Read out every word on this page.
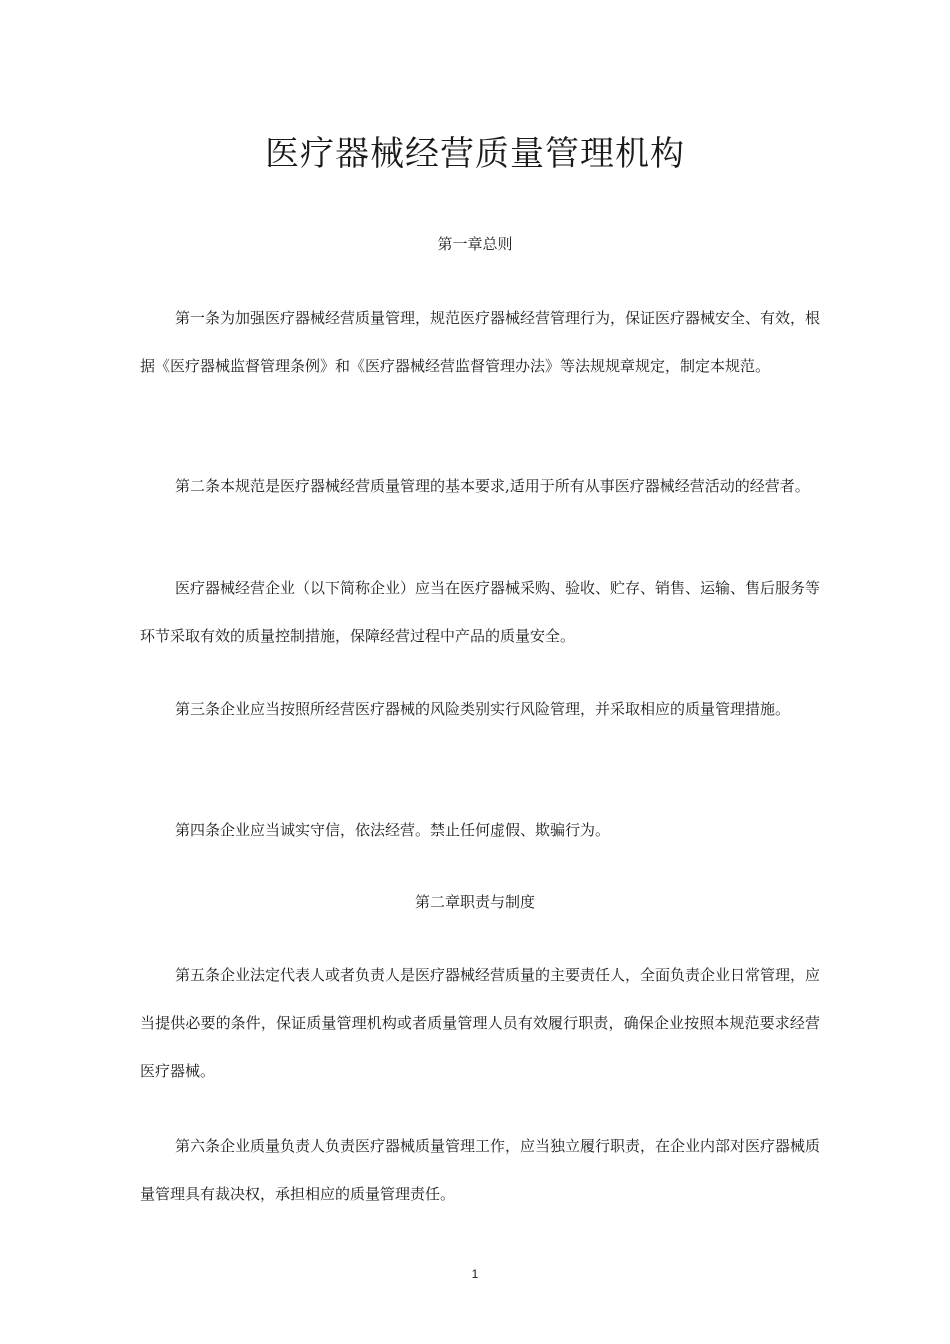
医疗器械经营质量管理机构
第一章总则

第一条为加强医疗器械经营质量管理，规范医疗器械经营管理行为，保证医疗器械安全、有效，根据《医疗器械监督管理条例》和《医疗器械经营监督管理办法》等法规规章规定，制定本规范。

第二条本规范是医疗器械经营质量管理的基本要求,适用于所有从事医疗器械经营活动的经营者。

医疗器械经营企业（以下简称企业）应当在医疗器械采购、验收、贮存、销售、运输、售后服务等环节采取有效的质量控制措施，保障经营过程中产品的质量安全。

第三条企业应当按照所经营医疗器械的风险类别实行风险管理，并采取相应的质量管理措施。

第四条企业应当诚实守信，依法经营。禁止任何虚假、欺骗行为。

第二章职责与制度

第五条企业法定代表人或者负责人是医疗器械经营质量的主要责任人，全面负责企业日常管理，应当提供必要的条件，保证质量管理机构或者质量管理人员有效履行职责，确保企业按照本规范要求经营医疗器械。

第六条企业质量负责人负责医疗器械质量管理工作，应当独立履行职责，在企业内部对医疗器械质量管理具有裁决权，承担相应的质量管理责任。

1
